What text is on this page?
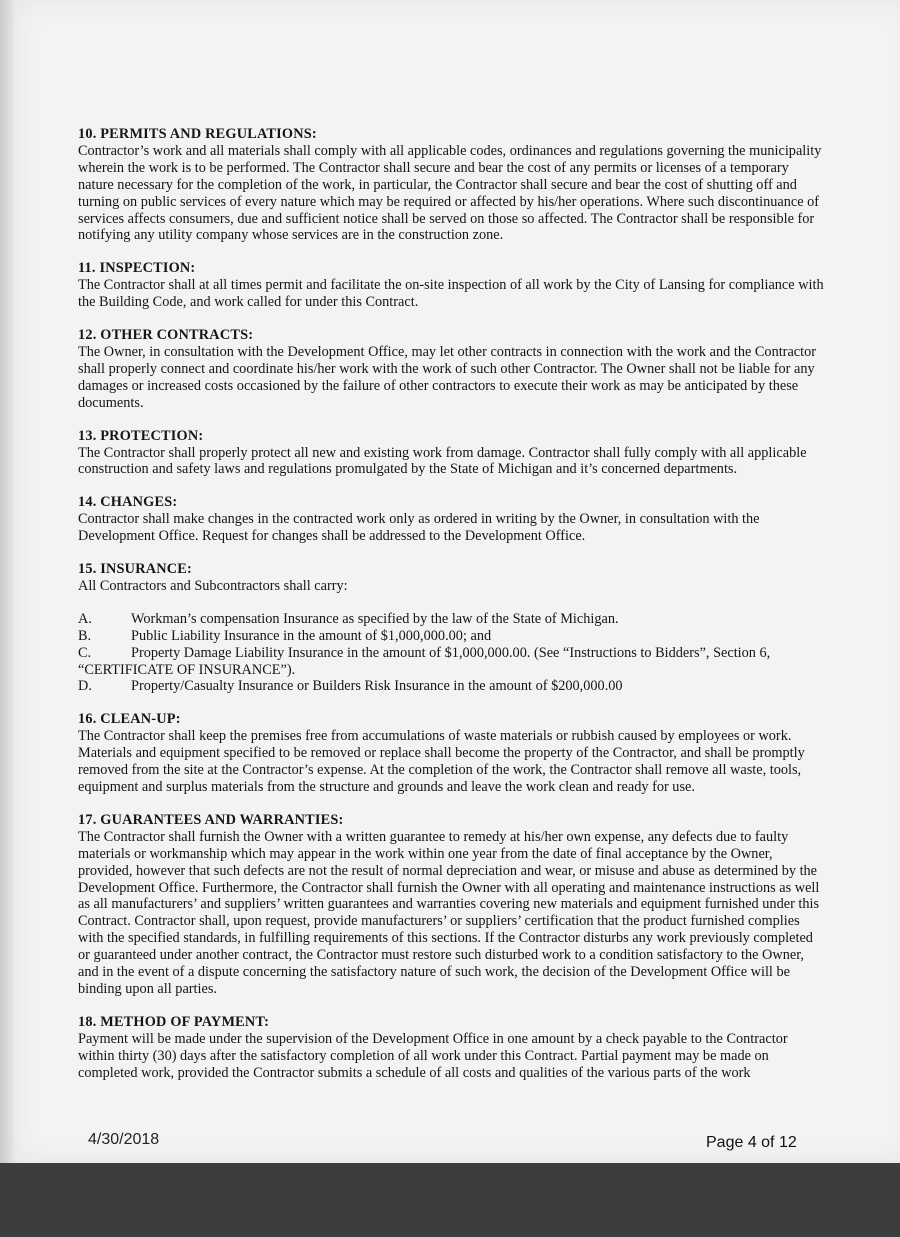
10. PERMITS AND REGULATIONS:
Contractor’s work and all materials shall comply with all applicable codes, ordinances and regulations governing the municipality wherein the work is to be performed. The Contractor shall secure and bear the cost of any permits or licenses of a temporary nature necessary for the completion of the work, in particular, the Contractor shall secure and bear the cost of shutting off and turning on public services of every nature which may be required or affected by his/her operations. Where such discontinuance of services affects consumers, due and sufficient notice shall be served on those so affected. The Contractor shall be responsible for notifying any utility company whose services are in the construction zone.
11. INSPECTION:
The Contractor shall at all times permit and facilitate the on-site inspection of all work by the City of Lansing for compliance with the Building Code, and work called for under this Contract.
12. OTHER CONTRACTS:
The Owner, in consultation with the Development Office, may let other contracts in connection with the work and the Contractor shall properly connect and coordinate his/her work with the work of such other Contractor. The Owner shall not be liable for any damages or increased costs occasioned by the failure of other contractors to execute their work as may be anticipated by these documents.
13. PROTECTION:
The Contractor shall properly protect all new and existing work from damage. Contractor shall fully comply with all applicable construction and safety laws and regulations promulgated by the State of Michigan and it’s concerned departments.
14. CHANGES:
Contractor shall make changes in the contracted work only as ordered in writing by the Owner, in consultation with the Development Office. Request for changes shall be addressed to the Development Office.
15. INSURANCE:
All Contractors and Subcontractors shall carry:
A.	Workman’s compensation Insurance as specified by the law of the State of Michigan.
B.	Public Liability Insurance in the amount of $1,000,000.00; and
C.	Property Damage Liability Insurance in the amount of $1,000,000.00. (See “Instructions to Bidders”, Section 6, “CERTIFICATE OF INSURANCE”).
D.	Property/Casualty Insurance or Builders Risk Insurance in the amount of $200,000.00
16. CLEAN-UP:
The Contractor shall keep the premises free from accumulations of waste materials or rubbish caused by employees or work. Materials and equipment specified to be removed or replace shall become the property of the Contractor, and shall be promptly removed from the site at the Contractor’s expense. At the completion of the work, the Contractor shall remove all waste, tools, equipment and surplus materials from the structure and grounds and leave the work clean and ready for use.
17. GUARANTEES AND WARRANTIES:
The Contractor shall furnish the Owner with a written guarantee to remedy at his/her own expense, any defects due to faulty materials or workmanship which may appear in the work within one year from the date of final acceptance by the Owner, provided, however that such defects are not the result of normal depreciation and wear, or misuse and abuse as determined by the Development Office. Furthermore, the Contractor shall furnish the Owner with all operating and maintenance instructions as well as all manufacturers’ and suppliers’ written guarantees and warranties covering new materials and equipment furnished under this Contract. Contractor shall, upon request, provide manufacturers’ or suppliers’ certification that the product furnished complies with the specified standards, in fulfilling requirements of this sections. If the Contractor disturbs any work previously completed or guaranteed under another contract, the Contractor must restore such disturbed work to a condition satisfactory to the Owner, and in the event of a dispute concerning the satisfactory nature of such work, the decision of the Development Office will be binding upon all parties.
18. METHOD OF PAYMENT:
Payment will be made under the supervision of the Development Office in one amount by a check payable to the Contractor within thirty (30) days after the satisfactory completion of all work under this Contract. Partial payment may be made on completed work, provided the Contractor submits a schedule of all costs and qualities of the various parts of the work
4/30/2018	Page 4 of 12
